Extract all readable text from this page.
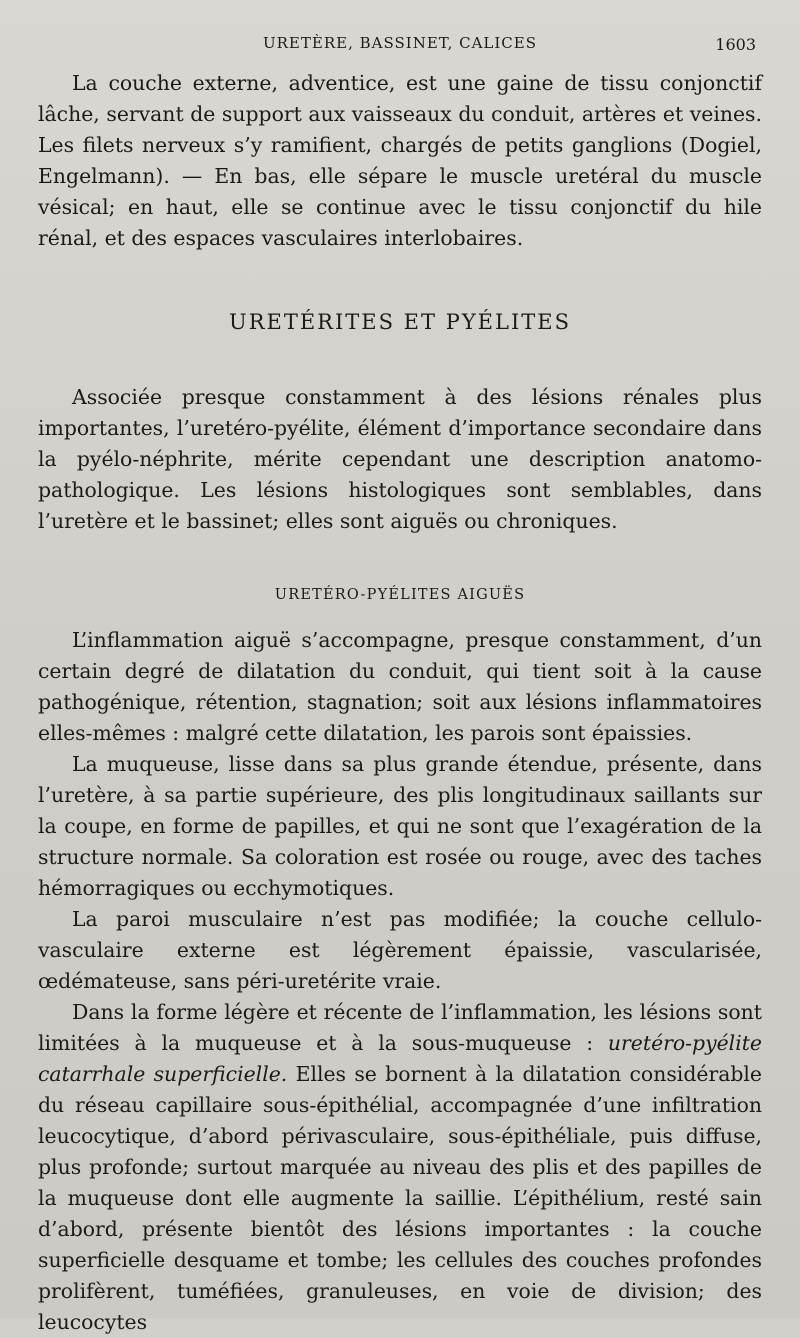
URETÈRE, BASSINET, CALICES	1603

La couche externe, adventice, est une gaine de tissu conjonctif lâche, servant de support aux vaisseaux du conduit, artères et veines. Les filets nerveux s’y ramifient, chargés de petits ganglions (Dogiel, Engelmann). — En bas, elle sépare le muscle uretéral du muscle vésical; en haut, elle se continue avec le tissu conjonctif du hile rénal, et des espaces vasculaires interlobaires.

URETÉRITES ET PYÉLITES

Associée presque constamment à des lésions rénales plus importantes, l’uretéro-pyélite, élément d’importance secondaire dans la pyélo-néphrite, mérite cependant une description anatomo-pathologique. Les lésions histologiques sont semblables, dans l’uretère et le bassinet; elles sont aiguës ou chroniques.

URETÉRO-PYÉLITES AIGUËS

L’inflammation aiguë s’accompagne, presque constamment, d’un certain degré de dilatation du conduit, qui tient soit à la cause pathogénique, rétention, stagnation; soit aux lésions inflammatoires elles-mêmes : malgré cette dilatation, les parois sont épaissies.

La muqueuse, lisse dans sa plus grande étendue, présente, dans l’uretère, à sa partie supérieure, des plis longitudinaux saillants sur la coupe, en forme de papilles, et qui ne sont que l’exagération de la structure normale. Sa coloration est rosée ou rouge, avec des taches hémorragiques ou ecchymotiques.

La paroi musculaire n’est pas modifiée; la couche cellulo-vasculaire externe est légèrement épaissie, vascularisée, œdémateuse, sans péri-uretérite vraie.

Dans la forme légère et récente de l’inflammation, les lésions sont limitées à la muqueuse et à la sous-muqueuse : uretéro-pyélite catarrhale superficielle. Elles se bornent à la dilatation considérable du réseau capillaire sous-épithélial, accompagnée d’une infiltration leucocytique, d’abord périvasculaire, sous-épithéliale, puis diffuse, plus profonde; surtout marquée au niveau des plis et des papilles de la muqueuse dont elle augmente la saillie. L’épithélium, resté sain d’abord, présente bientôt des lésions importantes : la couche superficielle desquame et tombe; les cellules des couches profondes prolifèrent, tuméfiées, granuleuses, en voie de division; des leucocytes
